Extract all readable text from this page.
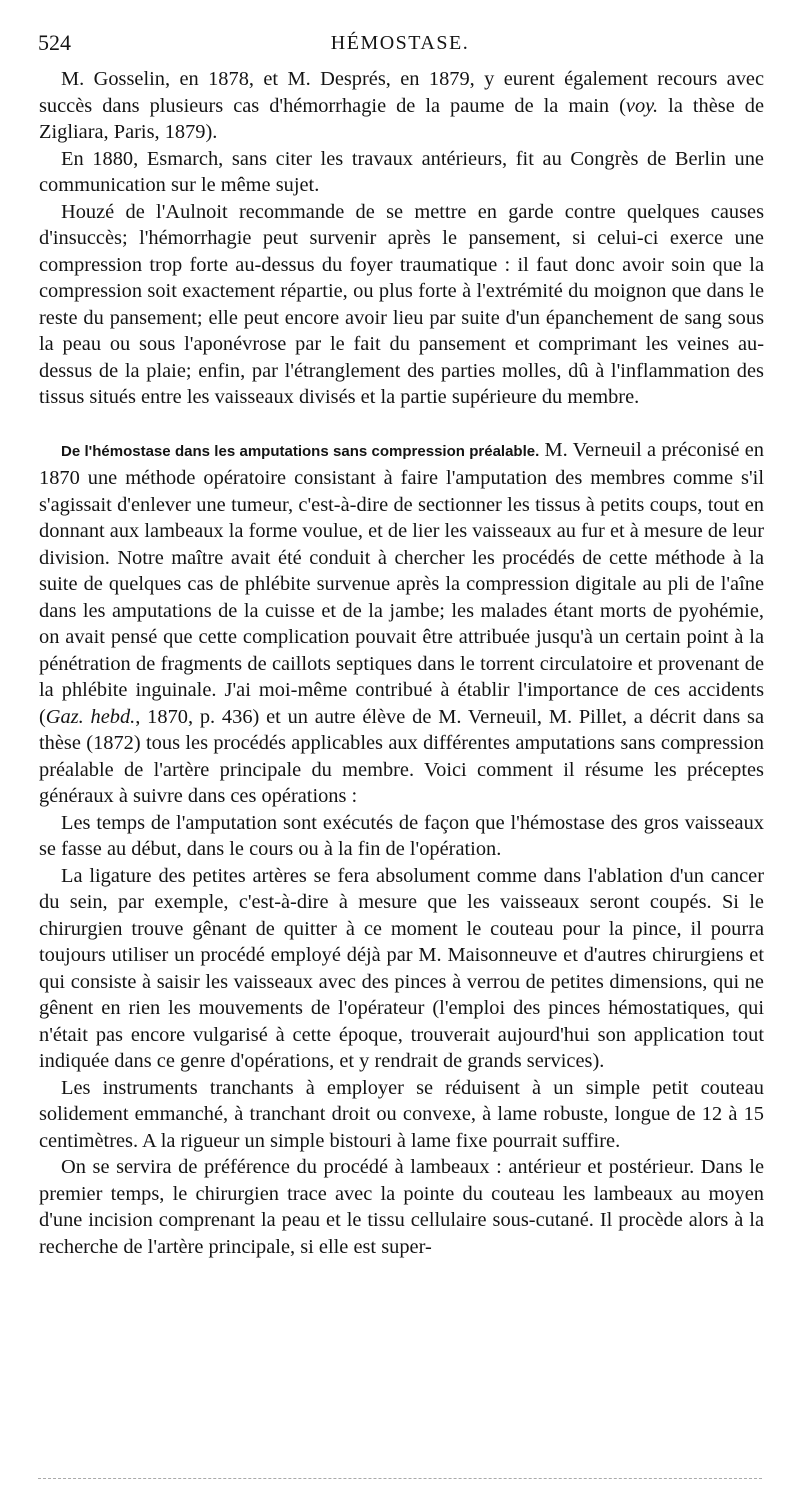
524	HÉMOSTASE.

M. Gosselin, en 1878, et M. Després, en 1879, y eurent également recours avec succès dans plusieurs cas d'hémorrhagie de la paume de la main (voy. la thèse de Zigliara, Paris, 1879).

En 1880, Esmarch, sans citer les travaux antérieurs, fit au Congrès de Berlin une communication sur le même sujet.

Houzé de l'Aulnoit recommande de se mettre en garde contre quelques causes d'insuccès; l'hémorrhagie peut survenir après le pansement, si celui-ci exerce une compression trop forte au-dessus du foyer traumatique : il faut donc avoir soin que la compression soit exactement répartie, ou plus forte à l'extrémité du moignon que dans le reste du pansement; elle peut encore avoir lieu par suite d'un épanchement de sang sous la peau ou sous l'aponévrose par le fait du pansement et comprimant les veines au-dessus de la plaie; enfin, par l'étranglement des parties molles, dû à l'inflammation des tissus situés entre les vaisseaux divisés et la partie supérieure du membre.

De l'hémostase dans les amputations sans compression préalable. M. Verneuil a préconisé en 1870 une méthode opératoire consistant à faire l'amputation des membres comme s'il s'agissait d'enlever une tumeur, c'est-à-dire de sectionner les tissus à petits coups, tout en donnant aux lambeaux la forme voulue, et de lier les vaisseaux au fur et à mesure de leur division. Notre maître avait été conduit à chercher les procédés de cette méthode à la suite de quelques cas de phlébite survenue après la compression digitale au pli de l'aîne dans les amputations de la cuisse et de la jambe; les malades étant morts de pyohémie, on avait pensé que cette complication pouvait être attribuée jusqu'à un certain point à la pénétration de fragments de caillots septiques dans le torrent circulatoire et provenant de la phlébite inguinale. J'ai moi-même contribué à établir l'importance de ces accidents (Gaz. hebd., 1870, p. 436) et un autre élève de M. Verneuil, M. Pillet, a décrit dans sa thèse (1872) tous les procédés applicables aux différentes amputations sans compression préalable de l'artère principale du membre. Voici comment il résume les préceptes généraux à suivre dans ces opérations :

Les temps de l'amputation sont exécutés de façon que l'hémostase des gros vaisseaux se fasse au début, dans le cours ou à la fin de l'opération.

La ligature des petites artères se fera absolument comme dans l'ablation d'un cancer du sein, par exemple, c'est-à-dire à mesure que les vaisseaux seront coupés. Si le chirurgien trouve gênant de quitter à ce moment le couteau pour la pince, il pourra toujours utiliser un procédé employé déjà par M. Maisonneuve et d'autres chirurgiens et qui consiste à saisir les vaisseaux avec des pinces à verrou de petites dimensions, qui ne gênent en rien les mouvements de l'opérateur (l'emploi des pinces hémostatiques, qui n'était pas encore vulgarisé à cette époque, trouverait aujourd'hui son application tout indiquée dans ce genre d'opérations, et y rendrait de grands services).

Les instruments tranchants à employer se réduisent à un simple petit couteau solidement emmanché, à tranchant droit ou convexe, à lame robuste, longue de 12 à 15 centimètres. A la rigueur un simple bistouri à lame fixe pourrait suffire.

On se servira de préférence du procédé à lambeaux : antérieur et postérieur. Dans le premier temps, le chirurgien trace avec la pointe du couteau les lambeaux au moyen d'une incision comprenant la peau et le tissu cellulaire sous-cutané. Il procède alors à la recherche de l'artère principale, si elle est super-
